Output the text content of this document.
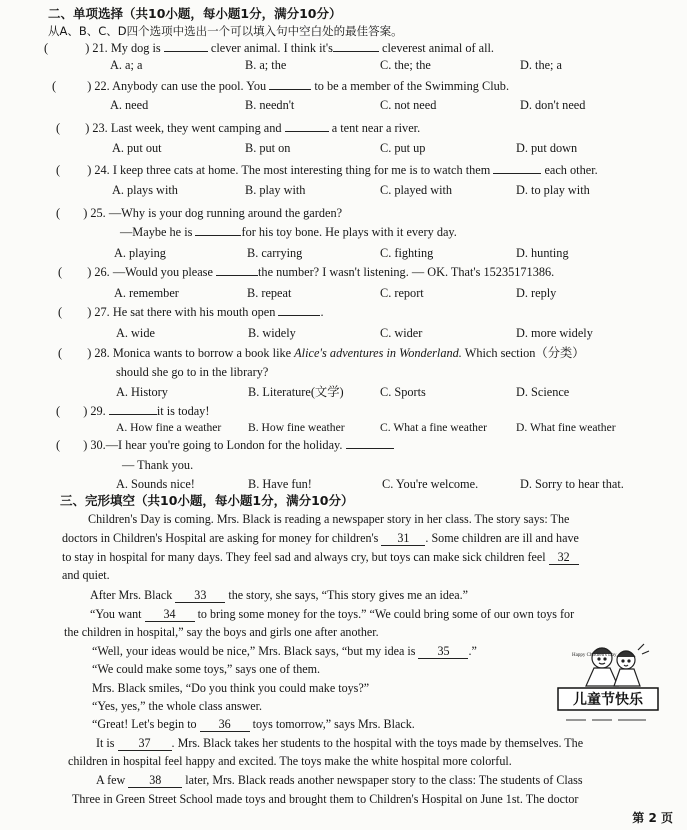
二、单项选择（共10小题，每小题1分，满分10分）
从A、B、C、D四个选项中选出一个可以填入句中空白处的最佳答案。
(	) 21. My dog is	clever animal. I think it's	cleverest animal of all.
A. a; a	B. a; the	C. the; the	D. the; a
(	) 22. Anybody can use the pool. You	to be a member of the Swimming Club.
A. need	B. needn't	C. not need	D. don't need
( ) 23. Last week, they went camping and	a tent near a river.
A. put out	B. put on	C. put up	D. put down
( ) 24. I keep three cats at home. The most interesting thing for me is to watch them	each other.
A. plays with	B. play with	C. played with	D. to play with
( ) 25. —Why is your dog running around the garden?
—Maybe he is	for his toy bone. He plays with it every day.
A. playing	B. carrying	C. fighting	D. hunting
( ) 26. —Would you please	the number? I wasn't listening. — OK. That's 15235171386.
A. remember	B. repeat	C. report	D. reply
( ) 27. He sat there with his mouth open	.
A. wide	B. widely	C. wider	D. more widely
( ) 28. Monica wants to borrow a book like Alice's adventures in Wonderland. Which section（分类）
should she go to in the library?
A. History	B. Literature(文学)	C. Sports	D. Science
( ) 29.	it is today!
A. How fine a weather B. How fine weather	C. What a fine weather	D. What fine weather
( ) 30.—I hear you're going to London for the holiday.
— Thank you.
A. Sounds nice!	B. Have fun!	C. You're welcome.	D. Sorry to hear that.
三、完形填空（共10小题，每小题1分，满分10分）
Children's Day is coming. Mrs. Black is reading a newspaper story in her class. The story says: The
doctors in Children's Hospital are asking for money for children's 31 . Some children are ill and have
to stay in hospital for many days. They feel sad and always cry, but toys can make sick children feel 32
and quiet.
After Mrs. Black 33 the story, she says, “This story gives me an idea.”
“You want 34 to bring some money for the toys.” “We could bring some of our own toys for
the children in hospital,” say the boys and girls one after another.
“Well, your ideas would be nice,” Mrs. Black says, “but my idea is 35 .”
“We could make some toys,” says one of them.
Mrs. Black smiles, “Do you think you could make toys?”
“Yes, yes,” the whole class answer.
“Great! Let's begin to 36 toys tomorrow,” says Mrs. Black.
It is 37 . Mrs. Black takes her students to the hospital with the toys made by themselves. The
children in hospital feel happy and excited. The toys make the white hospital more colorful.
A few 38 later, Mrs. Black reads another newspaper story to the class: The students of Class
Three in Green Street School made toys and brought them to Children's Hospital on June 1st. The doctor
儿童节快乐
Happy Children's Day
第 2 页
